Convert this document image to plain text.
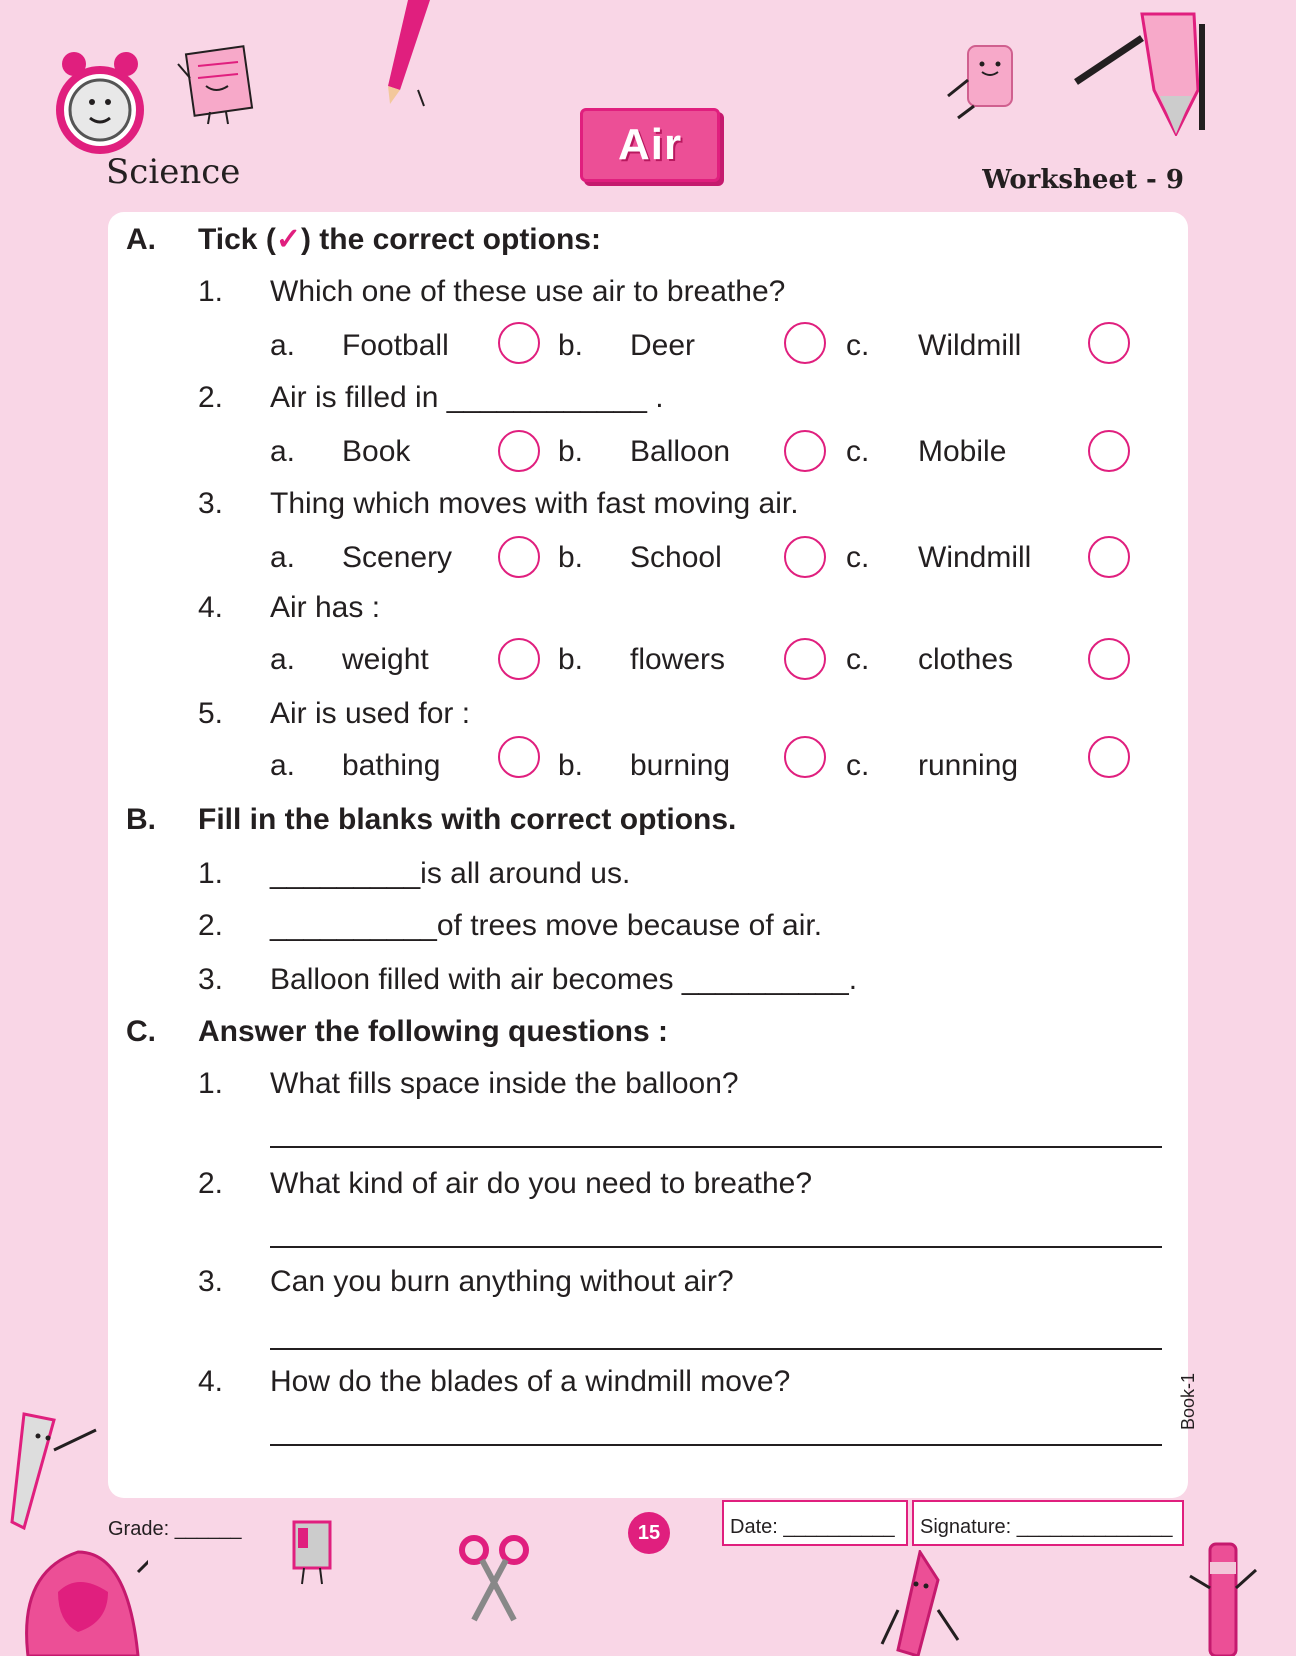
Science
Air
Worksheet - 9
A. Tick (✓) the correct options:
1. Which one of these use air to breathe?
a. Football	b. Deer	c. Wildmill
2. Air is filled in ____________ .
a. Book	b. Balloon	c. Mobile
3. Thing which moves with fast moving air.
a. Scenery	b. School	c. Windmill
4. Air has :
a. weight	b. flowers	c. clothes
5. Air is used for :
a. bathing	b. burning	c. running
B. Fill in the blanks with correct options.
1. _________is all around us.
2. __________of trees move because of air.
3. Balloon filled with air becomes __________.
C. Answer the following questions :
1. What fills space inside the balloon?
2. What kind of air do you need to breathe?
3. Can you burn anything without air?
4. How do the blades of a windmill move?
Grade: ______	15	Date: __________	Signature: ______________
Book-1
